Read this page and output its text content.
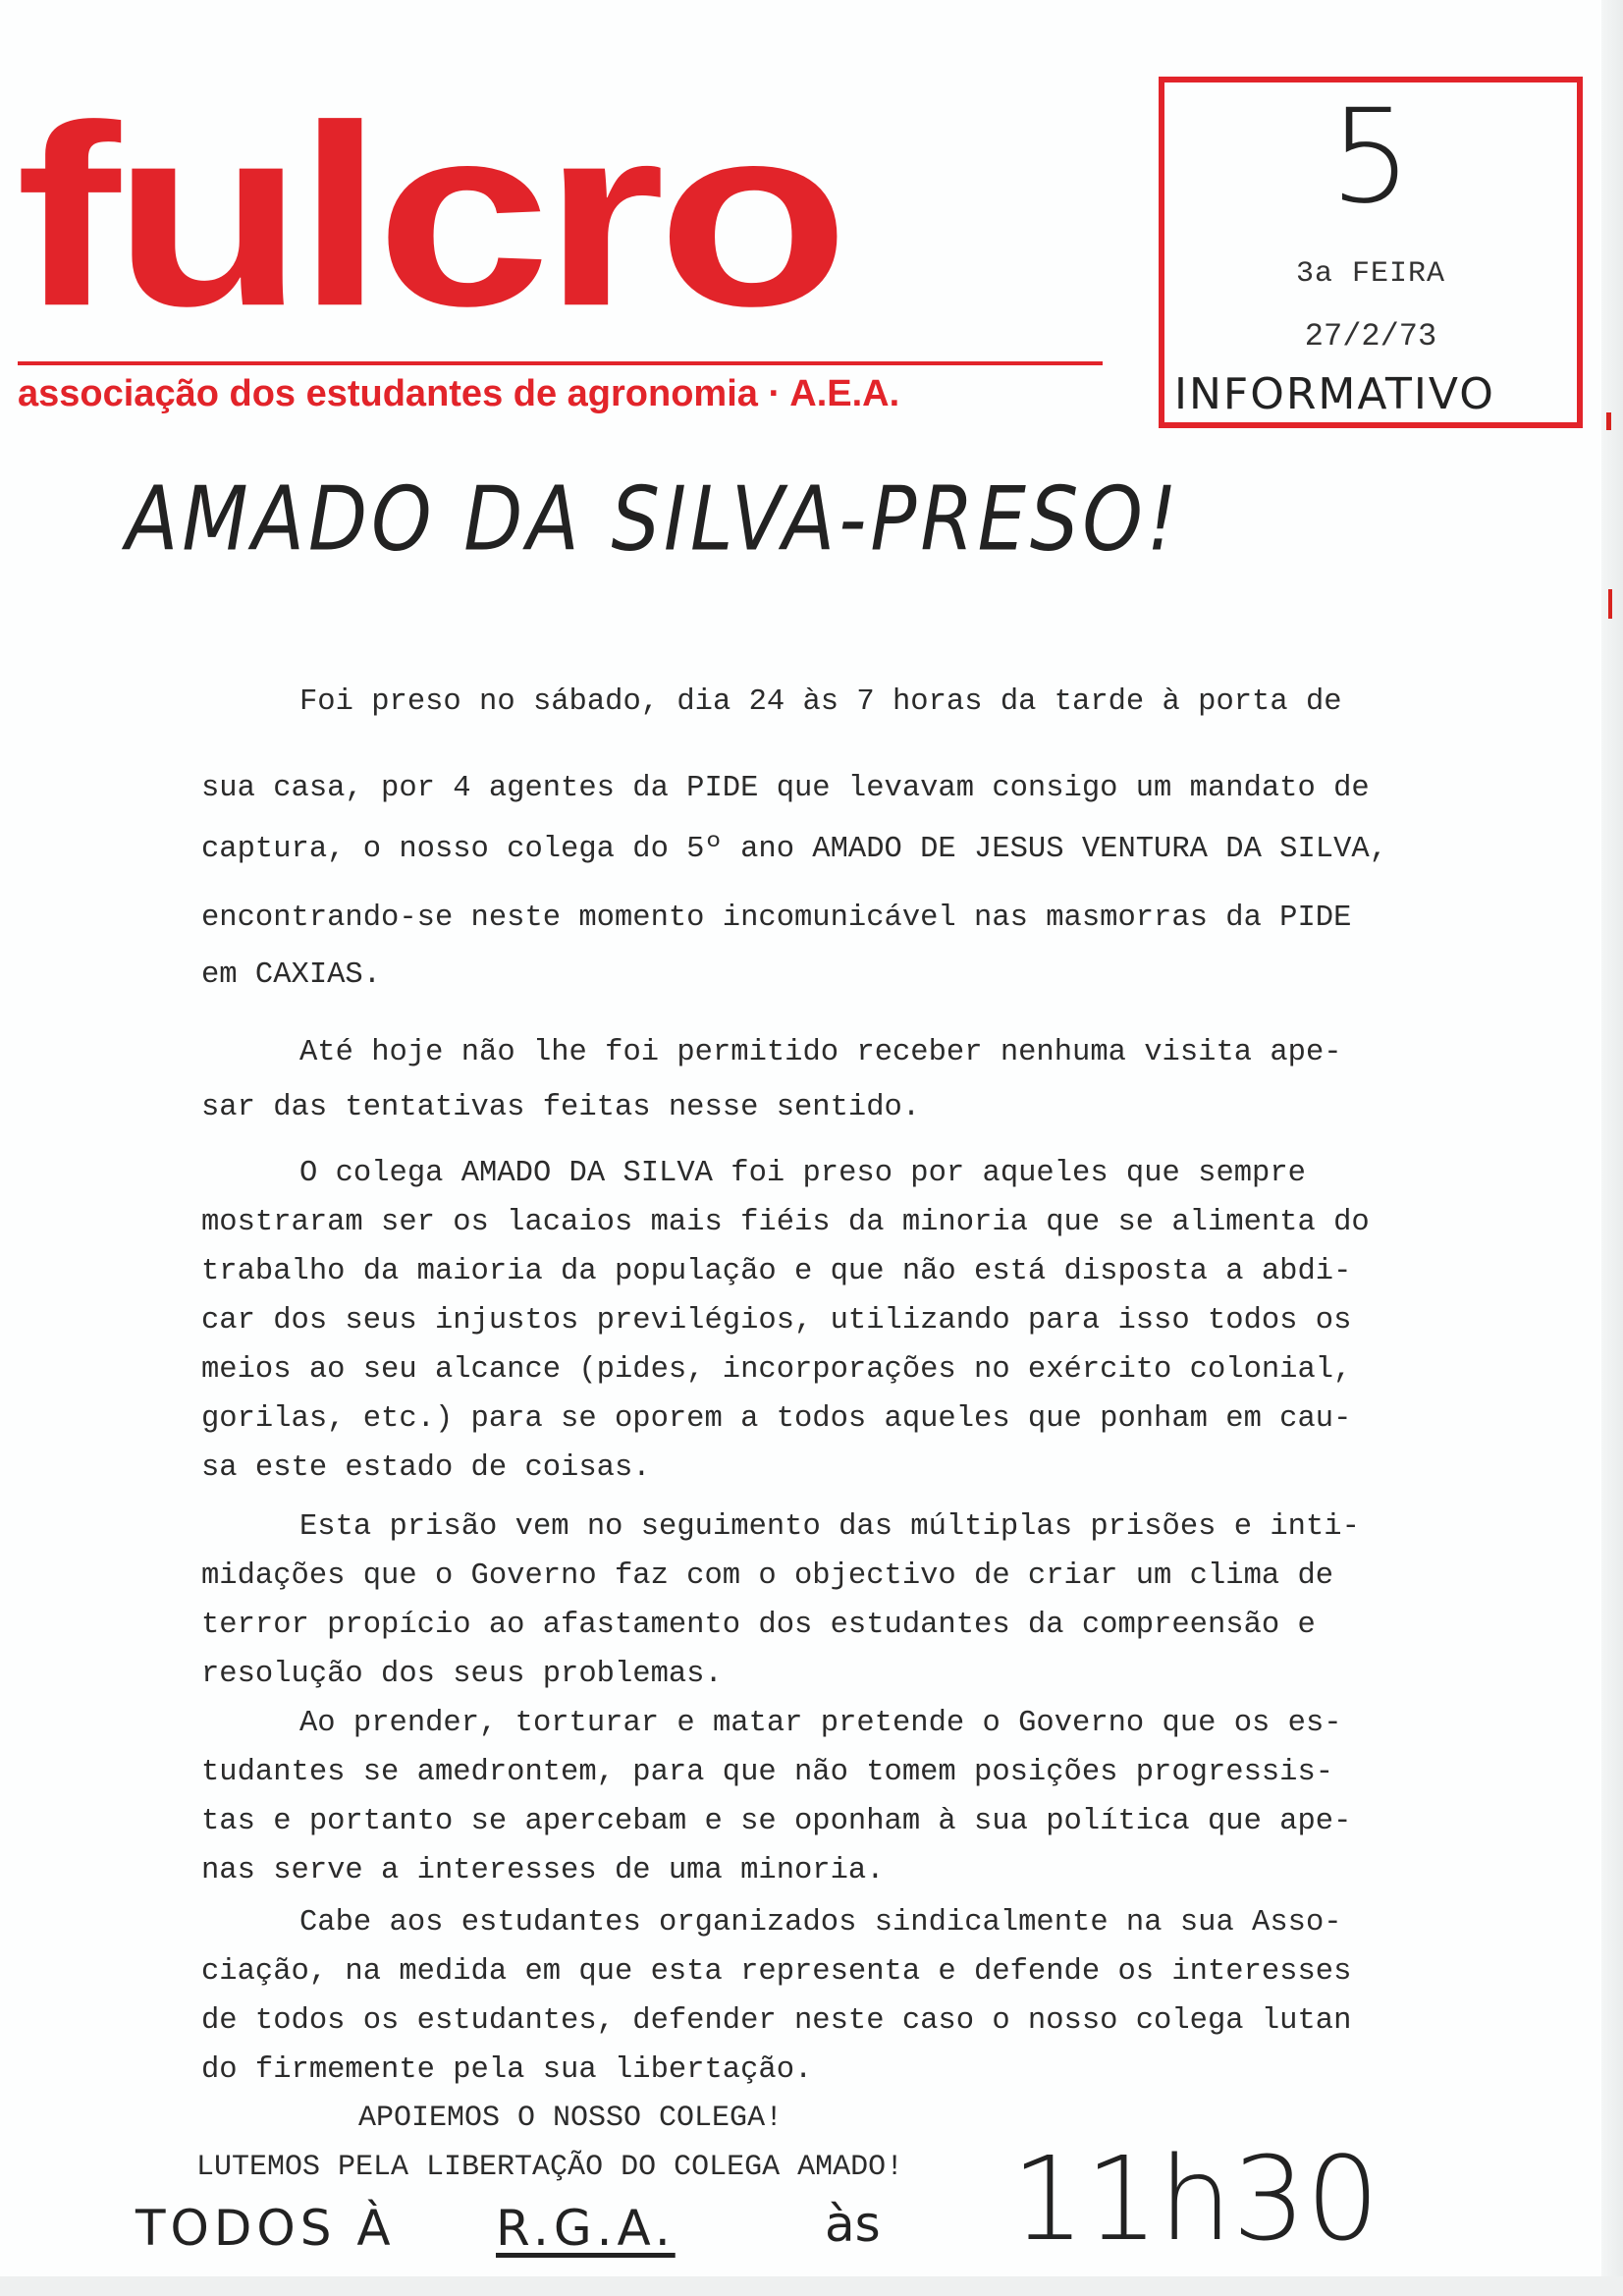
fulcro
associação dos estudantes de agronomia · A.E.A.
5
3a FEIRA
27/2/73
INFORMATIVO
AMADO DA SILVA-PRESO!

Foi preso no sábado, dia 24 às 7 horas da tarde à porta de

sua casa, por 4 agentes da PIDE que levavam consigo um mandato de

captura, o nosso colega do 5º ano AMADO DE JESUS VENTURA DA SILVA,

encontrando-se neste momento incomunicável nas masmorras da PIDE

em CAXIAS.

Até hoje não lhe foi permitido receber nenhuma visita ape-

sar das tentativas feitas nesse sentido.

O colega AMADO DA SILVA foi preso por aqueles que sempre

mostraram ser os lacaios mais fiéis da minoria que se alimenta do

trabalho da maioria da população e que não está disposta a abdi-

car dos seus injustos previlégios, utilizando para isso todos os

meios ao seu alcance (pides, incorporações no exército colonial,

gorilas, etc.) para se oporem a todos aqueles que ponham em cau-

sa este estado de coisas.

Esta prisão vem no seguimento das múltiplas prisões e inti-

midações que o Governo faz com o objectivo de criar um clima de

terror propício ao afastamento dos estudantes da compreensão e

resolução dos seus problemas.

Ao prender, torturar e matar pretende o Governo que os es-

tudantes se amedrontem, para que não tomem posições progressis-

tas e portanto se apercebam e se oponham à sua política que ape-

nas serve a interesses de uma minoria.

Cabe aos estudantes organizados sindicalmente na sua Asso-

ciação, na medida em que esta representa e defende os interesses

de todos os estudantes, defender neste caso o nosso colega lutan

do firmemente pela sua libertação.

APOIEMOS O NOSSO COLEGA!
LUTEMOS PELA LIBERTAÇÃO DO COLEGA AMADO!
TODOS À R.G.A.	às 11h30
